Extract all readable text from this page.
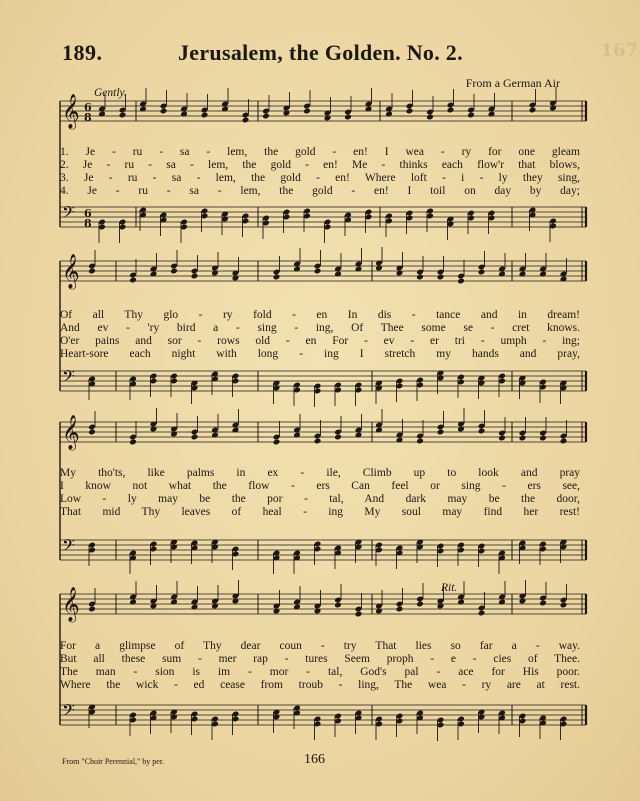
167
189.	Jerusalem, the Golden. No. 2.
From a German Air
Gently.
Rit.
𝄞 6
8
𝄢 6
8
𝄞
𝄢
𝄞
𝄢
𝄞
𝄢
1. Je - ru - sa - lem, the gold - en! I wea - ry for one gleam
2. Je - ru - sa - lem, the gold - en! Me - thinks each flow'r that blows,
3. Je - ru - sa - lem, the gold - en! Where loft - i - ly they sing,
4. Je - ru - sa - lem, the gold - en! I toil on day by day;
Of all Thy glo - ry fold - en In dis - tance and in dream!
And ev - 'ry bird a - sing - ing, Of Thee some se - cret knows.
O'er pains and sor - rows old - en For - ev - er tri - umph - ing;
Heart-sore each night with long - ing I stretch my hands and pray,
My tho'ts, like palms in ex - ile, Climb up to look and pray
I know not what the flow - ers Can feel or sing - ers see,
Low - ly may be the por - tal, And dark may be the door,
That mid Thy leaves of heal - ing My soul may find her rest!
For a glimpse of Thy dear coun - try That lies so far a - way.
But all these sum - mer rap - tures Seem proph - e - cies of Thee.
The man - sion is im - mor - tal, God's pal - ace for His poor.
Where the wick - ed cease from troub - ling, The wea - ry are at rest.
From "Choir Perennial," by per.	166
